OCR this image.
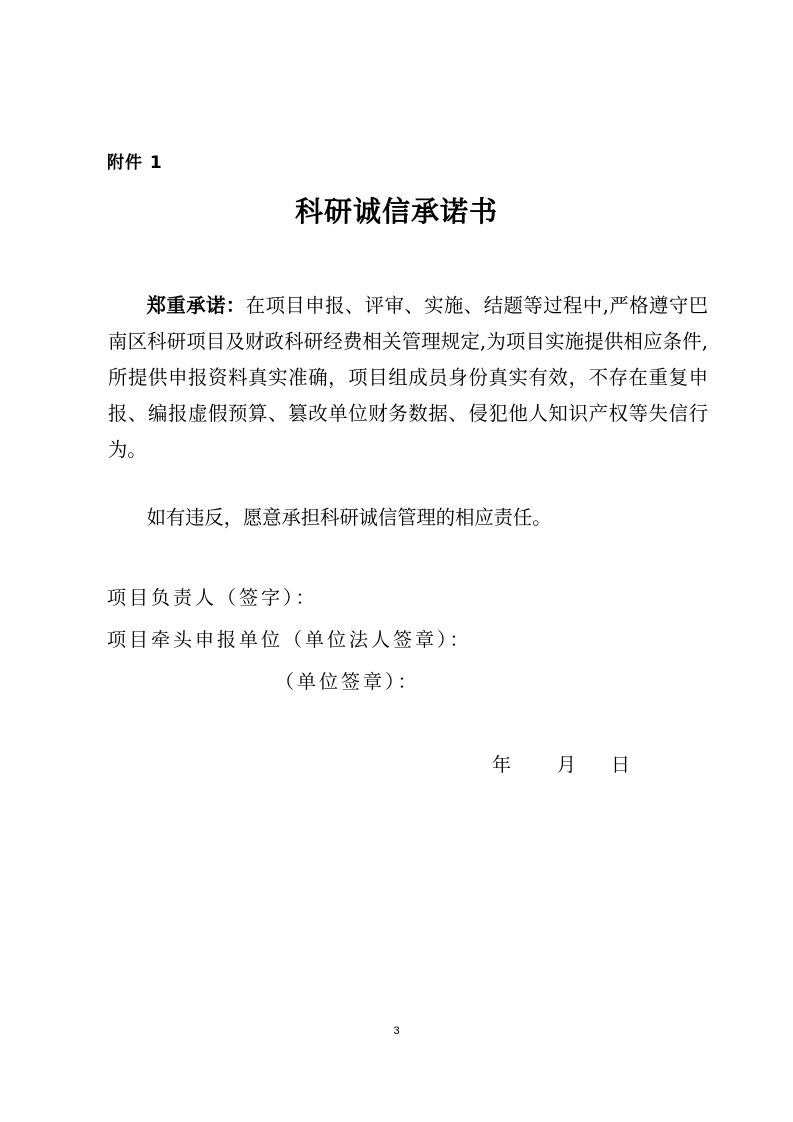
附件 1
科研诚信承诺书
郑重承诺：在项目申报、评审、实施、结题等过程中,严格遵守巴南区科研项目及财政科研经费相关管理规定,为项目实施提供相应条件,所提供申报资料真实准确，项目组成员身份真实有效，不存在重复申报、编报虚假预算、篡改单位财务数据、侵犯他人知识产权等失信行为。
如有违反，愿意承担科研诚信管理的相应责任。
项目负责人（签字）：
项目牵头申报单位（单位法人签章）：
（单位签章）：
年 月 日
3
